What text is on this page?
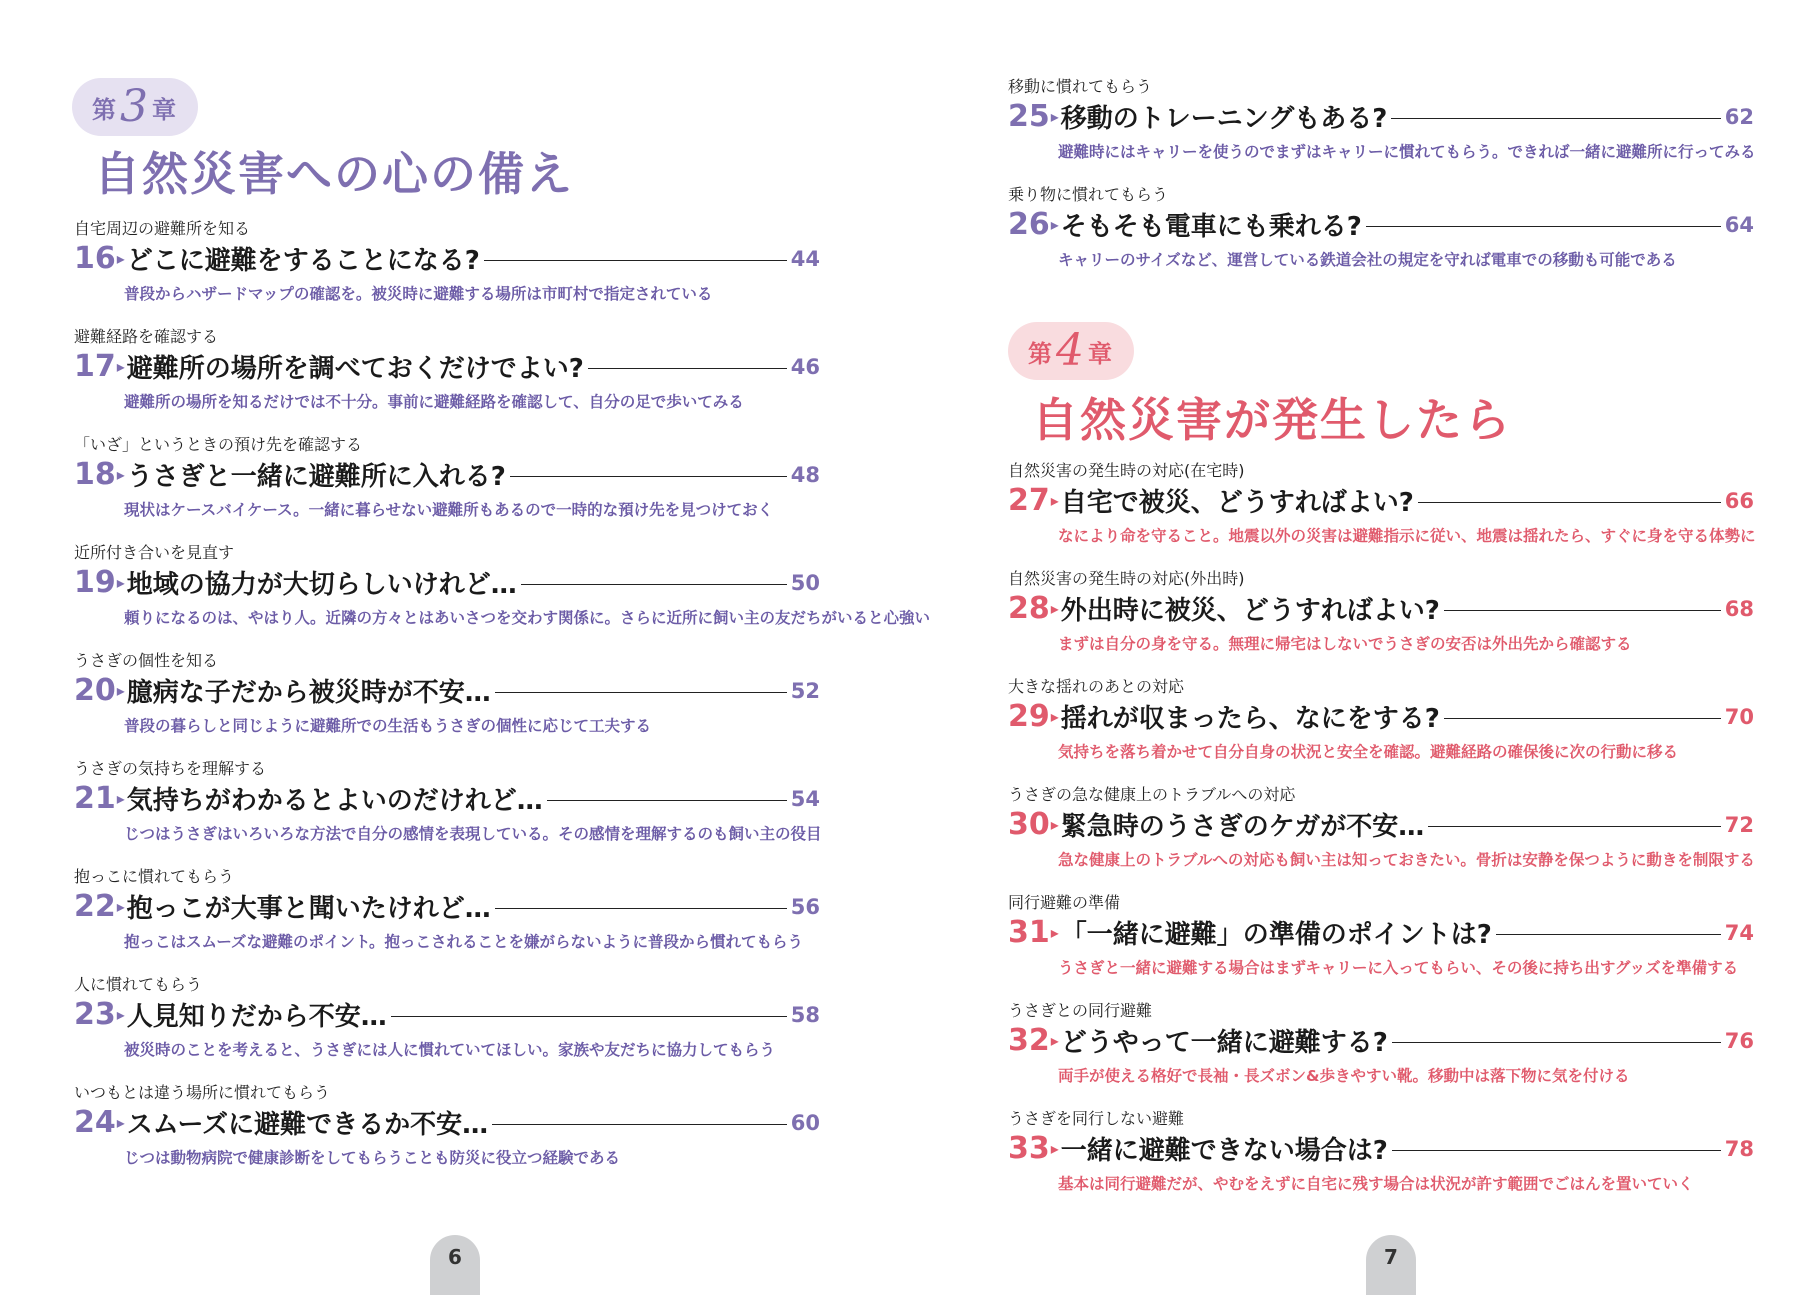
第 3 章
自然災害への心の備え
自宅周辺の避難所を知る
16 ▸ どこに避難をすることになる?	44
普段からハザードマップの確認を。被災時に避難する場所は市町村で指定されている
避難経路を確認する
17 ▸ 避難所の場所を調べておくだけでよい?	46
避難所の場所を知るだけでは不十分。事前に避難経路を確認して、自分の足で歩いてみる
「いざ」というときの預け先を確認する
18 ▸ うさぎと一緒に避難所に入れる?	48
現状はケースバイケース。一緒に暮らせない避難所もあるので一時的な預け先を見つけておく
近所付き合いを見直す
19 ▸ 地域の協力が大切らしいけれど…	50
頼りになるのは、やはり人。近隣の方々とはあいさつを交わす関係に。さらに近所に飼い主の友だちがいると心強い
うさぎの個性を知る
20 ▸ 臆病な子だから被災時が不安…	52
普段の暮らしと同じように避難所での生活もうさぎの個性に応じて工夫する
うさぎの気持ちを理解する
21 ▸ 気持ちがわかるとよいのだけれど…	54
じつはうさぎはいろいろな方法で自分の感情を表現している。その感情を理解するのも飼い主の役目
抱っこに慣れてもらう
22 ▸ 抱っこが大事と聞いたけれど…	56
抱っこはスムーズな避難のポイント。抱っこされることを嫌がらないように普段から慣れてもらう
人に慣れてもらう
23 ▸ 人見知りだから不安…	58
被災時のことを考えると、うさぎには人に慣れていてほしい。家族や友だちに協力してもらう
いつもとは違う場所に慣れてもらう
24 ▸ スムーズに避難できるか不安…	60
じつは動物病院で健康診断をしてもらうことも防災に役立つ経験である
6
移動に慣れてもらう
25 ▸ 移動のトレーニングもある?	62
避難時にはキャリーを使うのでまずはキャリーに慣れてもらう。できれば一緒に避難所に行ってみる
乗り物に慣れてもらう
26 ▸ そもそも電車にも乗れる?	64
キャリーのサイズなど、運営している鉄道会社の規定を守れば電車での移動も可能である
第 4 章
自然災害が発生したら
自然災害の発生時の対応(在宅時)
27 ▸ 自宅で被災、どうすればよい?	66
なにより命を守ること。地震以外の災害は避難指示に従い、地震は揺れたら、すぐに身を守る体勢に
自然災害の発生時の対応(外出時)
28 ▸ 外出時に被災、どうすればよい?	68
まずは自分の身を守る。無理に帰宅はしないでうさぎの安否は外出先から確認する
大きな揺れのあとの対応
29 ▸ 揺れが収まったら、なにをする?	70
気持ちを落ち着かせて自分自身の状況と安全を確認。避難経路の確保後に次の行動に移る
うさぎの急な健康上のトラブルへの対応
30 ▸ 緊急時のうさぎのケガが不安…	72
急な健康上のトラブルへの対応も飼い主は知っておきたい。骨折は安静を保つように動きを制限する
同行避難の準備
31 ▸ 「一緒に避難」の準備のポイントは?	74
うさぎと一緒に避難する場合はまずキャリーに入ってもらい、その後に持ち出すグッズを準備する
うさぎとの同行避難
32 ▸ どうやって一緒に避難する?	76
両手が使える格好で長袖・長ズボン&歩きやすい靴。移動中は落下物に気を付ける
うさぎを同行しない避難
33 ▸ 一緒に避難できない場合は?	78
基本は同行避難だが、やむをえずに自宅に残す場合は状況が許す範囲でごはんを置いていく
7
